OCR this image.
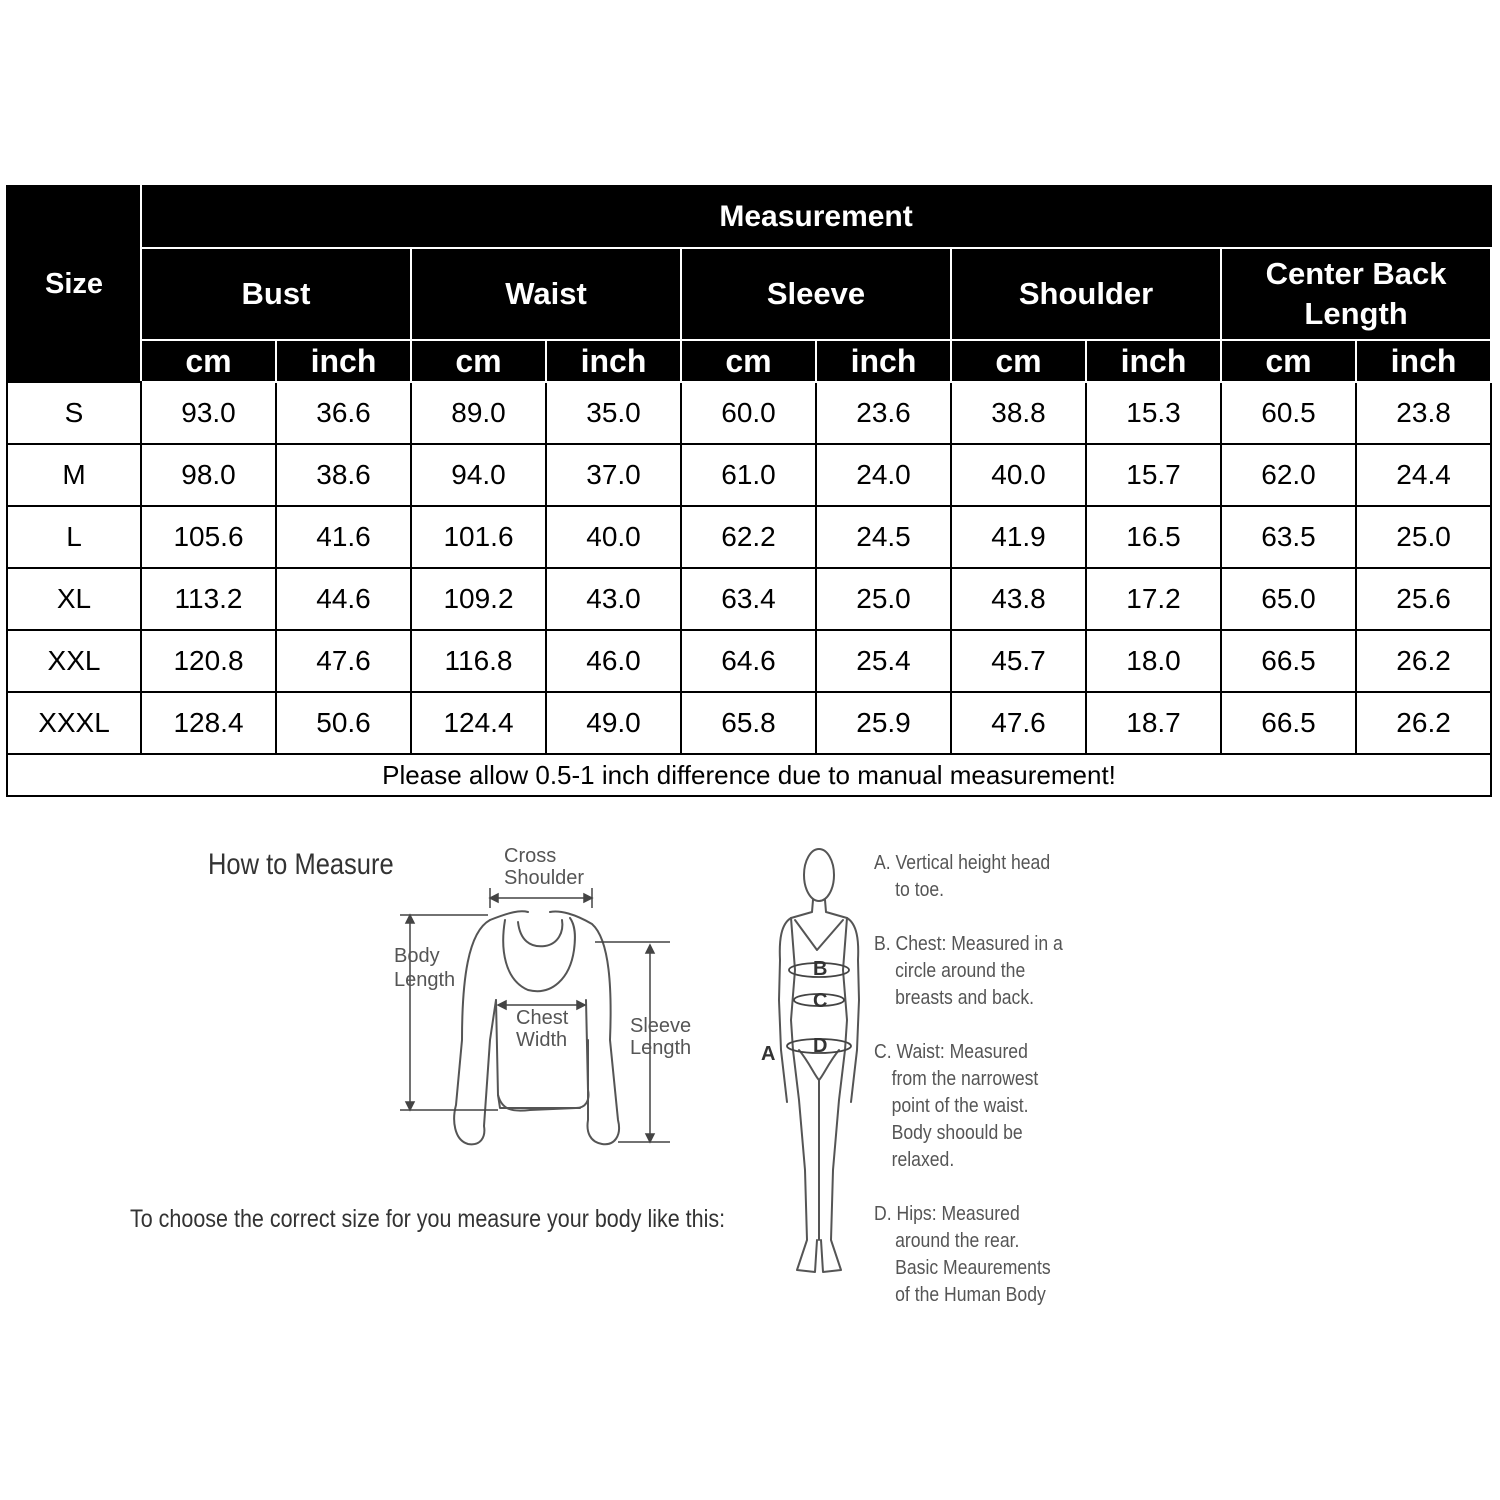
Size	Measurement									
	Bust		Waist		Sleeve		Shoulder		Center Back Length	
	cm	inch	cm	inch	cm	inch	cm	inch	cm	inch
S	93.0	36.6	89.0	35.0	60.0	23.6	38.8	15.3	60.5	23.8
M	98.0	38.6	94.0	37.0	61.0	24.0	40.0	15.7	62.0	24.4
L	105.6	41.6	101.6	40.0	62.2	24.5	41.9	16.5	63.5	25.0
XL	113.2	44.6	109.2	43.0	63.4	25.0	43.8	17.2	65.0	25.6
XXL	120.8	47.6	116.8	46.0	64.6	25.4	45.7	18.0	66.5	26.2
XXXL	128.4	50.6	124.4	49.0	65.8	25.9	47.6	18.7	66.5	26.2
Please allow 0.5-1 inch difference due to manual measurement!										
How to Measure
To choose the correct size for you measure your body like this:
Cross
Shoulder
Body
Length
Chest
Width
Sleeve
Length
B
C
D
A
A. Vertical height head
to toe.
B. Chest: Measured in a
circle around the
breasts and back.
C. Waist: Measured
from the narrowest
point of the waist.
Body shoould be
relaxed.
D. Hips: Measured
around the rear.
Basic Meaurements
of the Human Body
